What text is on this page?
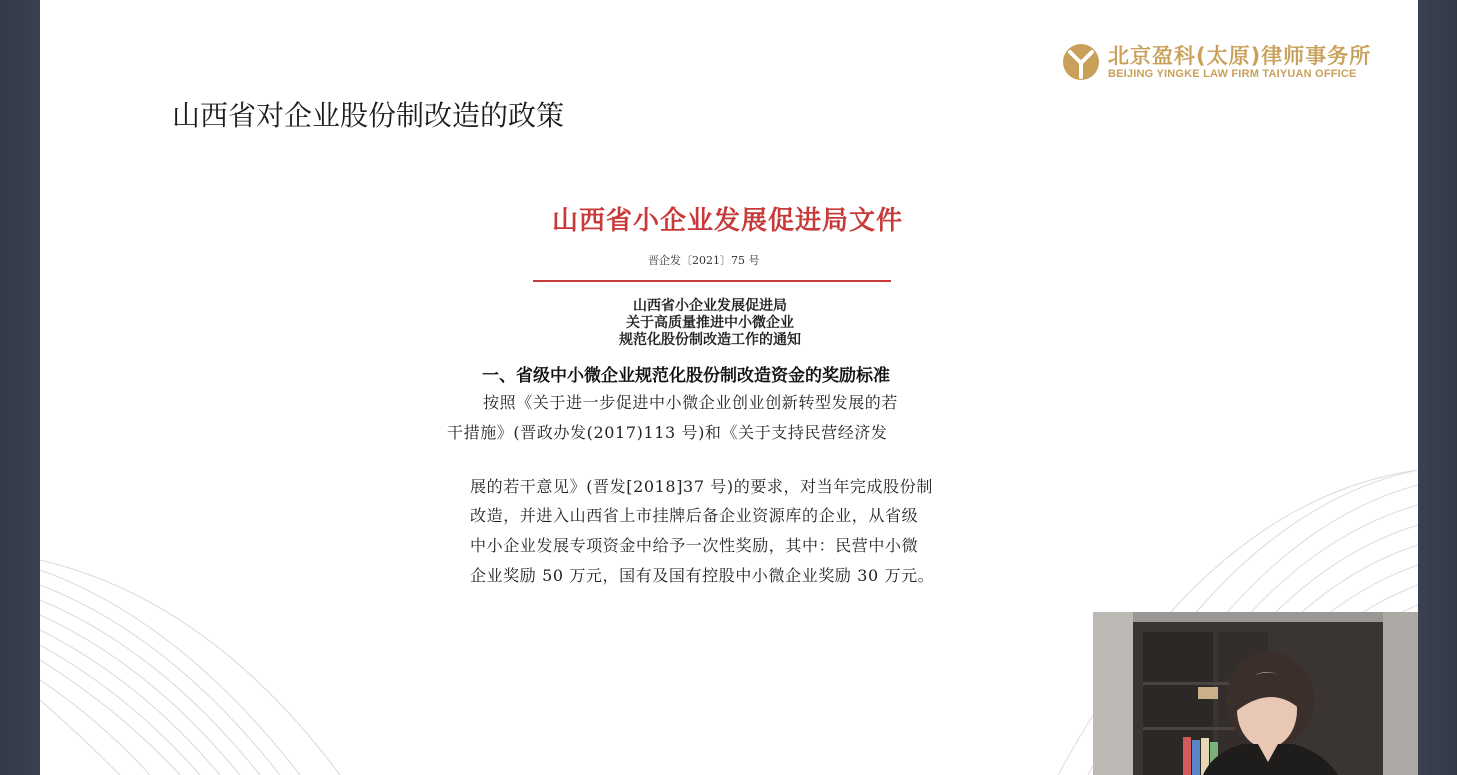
北京盈科(太原)律师事务所
BEIJING YINGKE LAW FIRM TAIYUAN OFFICE
山西省对企业股份制改造的政策
山西省小企业发展促进局文件
晋企发〔2021〕75 号
山西省小企业发展促进局
关于高质量推进中小微企业
规范化股份制改造工作的通知
一、省级中小微企业规范化股份制改造资金的奖励标准
按照《关于进一步促进中小微企业创业创新转型发展的若
干措施》(晋政办发(2017)113 号)和《关于支持民营经济发
展的若干意见》(晋发[2018]37 号)的要求，对当年完成股份制
改造，并进入山西省上市挂牌后备企业资源库的企业，从省级
中小企业发展专项资金中给予一次性奖励，其中：民营中小微
企业奖励 50 万元，国有及国有控股中小微企业奖励 30 万元。
